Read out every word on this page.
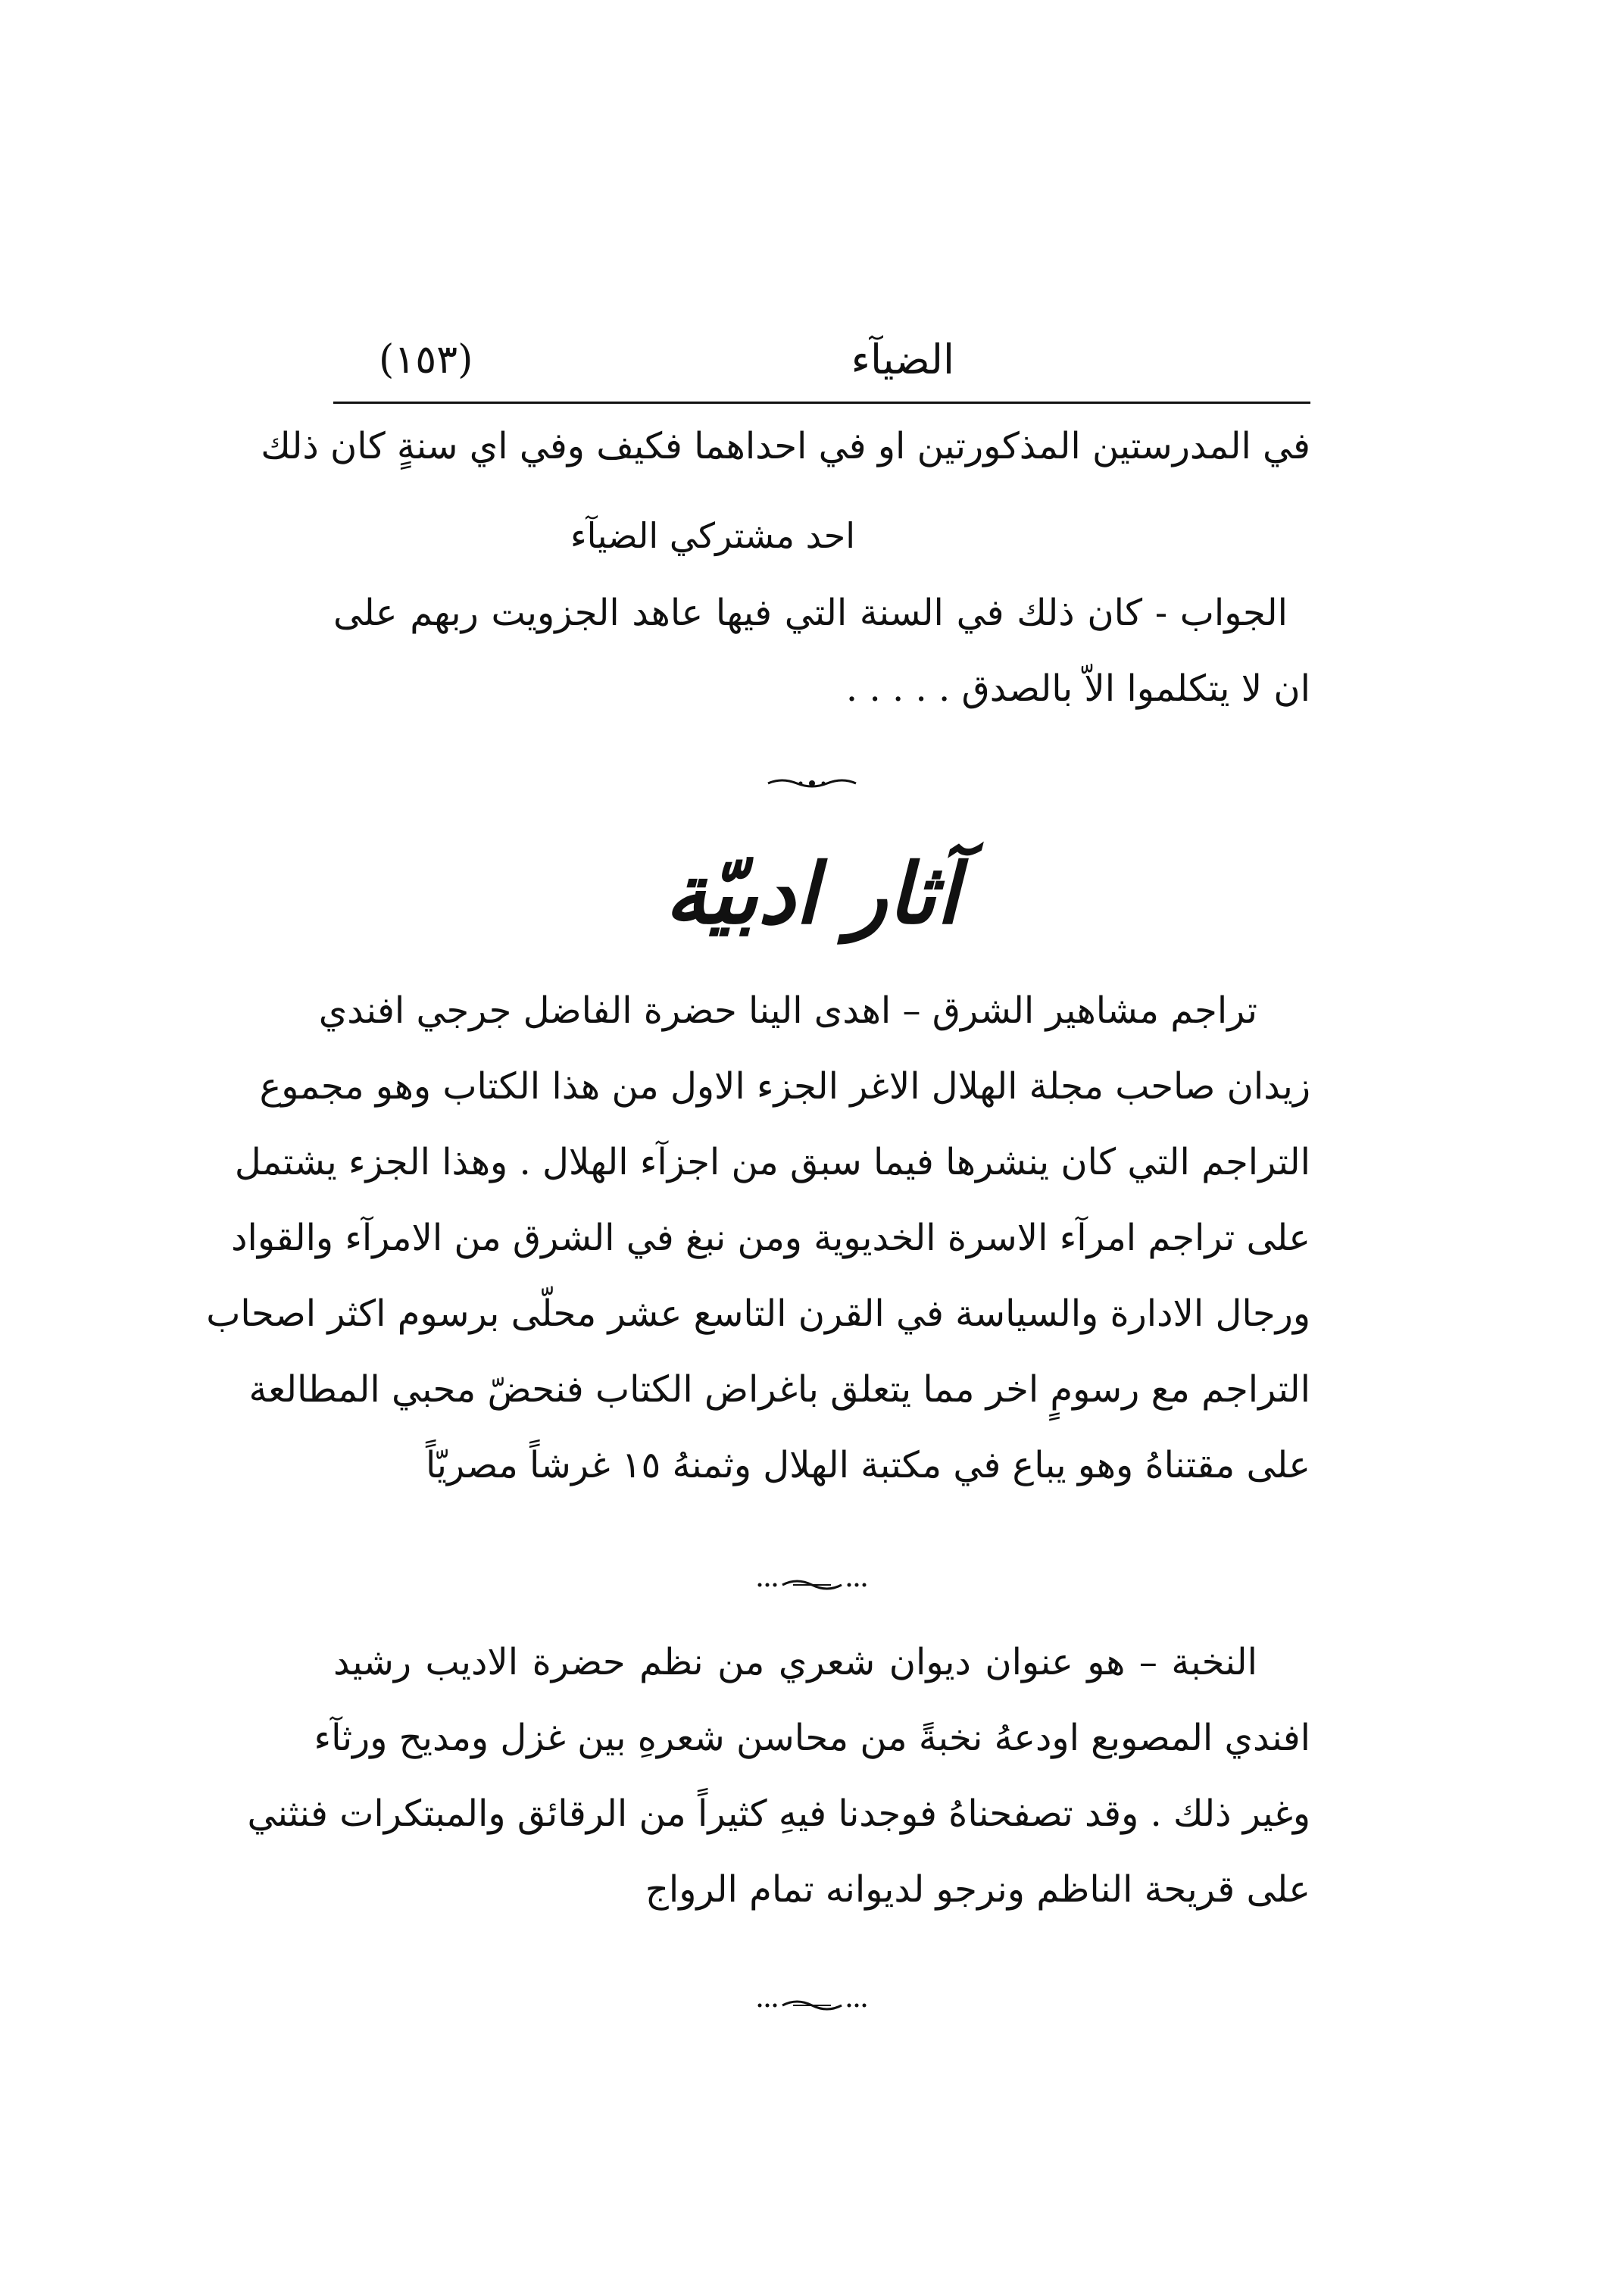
الضيآء
(١٥٣)
في المدرستين المذكورتين او في احداهما فكيف وفي اي سنةٍ كان ذلك
احد مشتركي الضيآء
الجواب - كان ذلك في السنة التي فيها عاهد الجزويت ربهم على
ان لا يتكلموا الاّ بالصدق . . . . .
آثار ادبيّة
تراجم مشاهير الشرق – اهدى الينا حضرة الفاضل جرجي افندي
زيدان صاحب مجلة الهلال الاغر الجزء الاول من هذا الكتاب وهو مجموع
التراجم التي كان ينشرها فيما سبق من اجزآء الهلال . وهذا الجزء يشتمل
على تراجم امرآء الاسرة الخديوية ومن نبغ في الشرق من الامرآء والقواد
ورجال الادارة والسياسة في القرن التاسع عشر محلّى برسوم اكثر اصحاب
التراجم مع رسومٍ اخر مما يتعلق باغراض الكتاب فنحضّ محبي المطالعة
على مقتناهُ وهو يباع في مكتبة الهلال وثمنهُ ١٥ غرشاً مصريّاً
النخبة – هو عنوان ديوان شعري من نظم حضرة الاديب رشيد
افندي المصوبع اودعهُ نخبةً من محاسن شعرهِ بين غزل ومديح ورثآء
وغير ذلك . وقد تصفحناهُ فوجدنا فيهِ كثيراً من الرقائق والمبتكرات فنثني
على قريحة الناظم ونرجو لديوانه تمام الرواج
